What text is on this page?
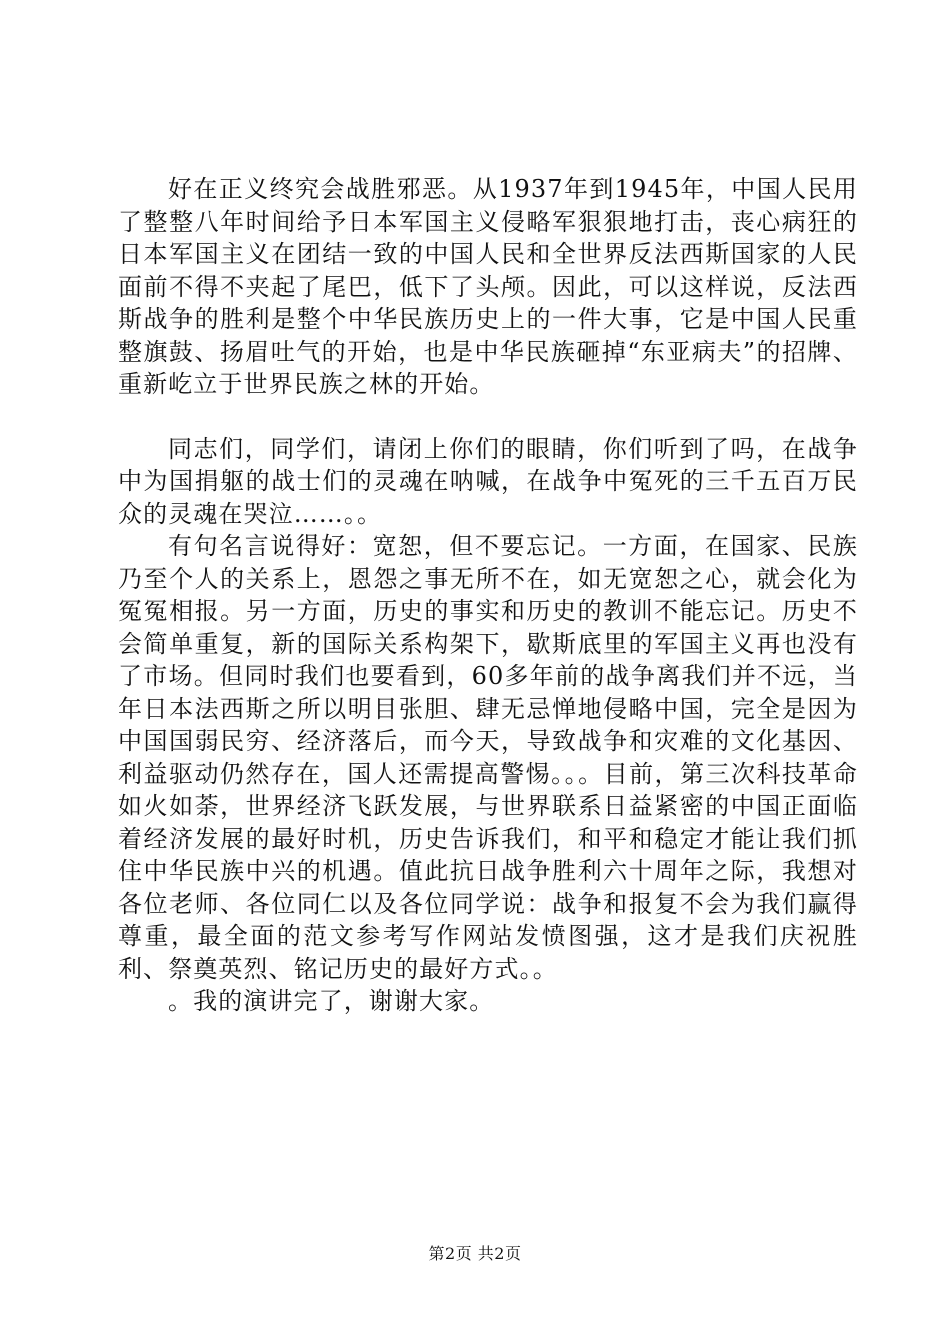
好在正义终究会战胜邪恶。从1937年到1945年，中国人民用了整整八年时间给予日本军国主义侵略军狠狠地打击，丧心病狂的日本军国主义在团结一致的中国人民和全世界反法西斯国家的人民面前不得不夹起了尾巴，低下了头颅。因此，可以这样说，反法西斯战争的胜利是整个中华民族历史上的一件大事，它是中国人民重整旗鼓、扬眉吐气的开始，也是中华民族砸掉“东亚病夫”的招牌、重新屹立于世界民族之林的开始。

同志们，同学们，请闭上你们的眼睛，你们听到了吗，在战争中为国捐躯的战士们的灵魂在呐喊，在战争中冤死的三千五百万民众的灵魂在哭泣……。。

有句名言说得好：宽恕，但不要忘记。一方面，在国家、民族乃至个人的关系上，恩怨之事无所不在，如无宽恕之心，就会化为冤冤相报。另一方面，历史的事实和历史的教训不能忘记。历史不会简单重复，新的国际关系构架下，歇斯底里的军国主义再也没有了市场。但同时我们也要看到，60多年前的战争离我们并不远，当年日本法西斯之所以明目张胆、肆无忌惮地侵略中国，完全是因为中国国弱民穷、经济落后，而今天，导致战争和灾难的文化基因、利益驱动仍然存在，国人还需提高警惕。。。目前，第三次科技革命如火如荼，世界经济飞跃发展，与世界联系日益紧密的中国正面临着经济发展的最好时机，历史告诉我们，和平和稳定才能让我们抓住中华民族中兴的机遇。值此抗日战争胜利六十周年之际，我想对各位老师、各位同仁以及各位同学说：战争和报复不会为我们赢得尊重，最全面的范文参考写作网站发愤图强，这才是我们庆祝胜利、祭奠英烈、铭记历史的最好方式。。

。我的演讲完了，谢谢大家。

第2页 共2页
